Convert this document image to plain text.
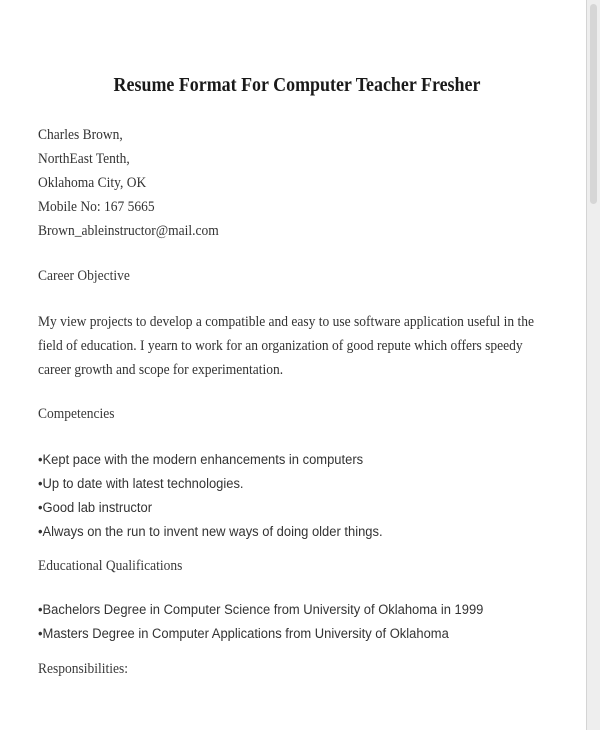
Resume Format For Computer Teacher Fresher

Charles Brown,

NorthEast Tenth,

Oklahoma City, OK

Mobile No: 167 5665

Brown_ableinstructor@mail.com

Career Objective

My view projects to develop a compatible and easy to use software application useful in the

field of education. I yearn to work for an organization of good repute which offers speedy

career growth and scope for experimentation.

Competencies

•Kept pace with the modern enhancements in computers

•Up to date with latest technologies.

•Good lab instructor

•Always on the run to invent new ways of doing older things.

Educational Qualifications

•Bachelors Degree in Computer Science from University of Oklahoma in 1999

•Masters Degree in Computer Applications from University of Oklahoma

Responsibilities:
